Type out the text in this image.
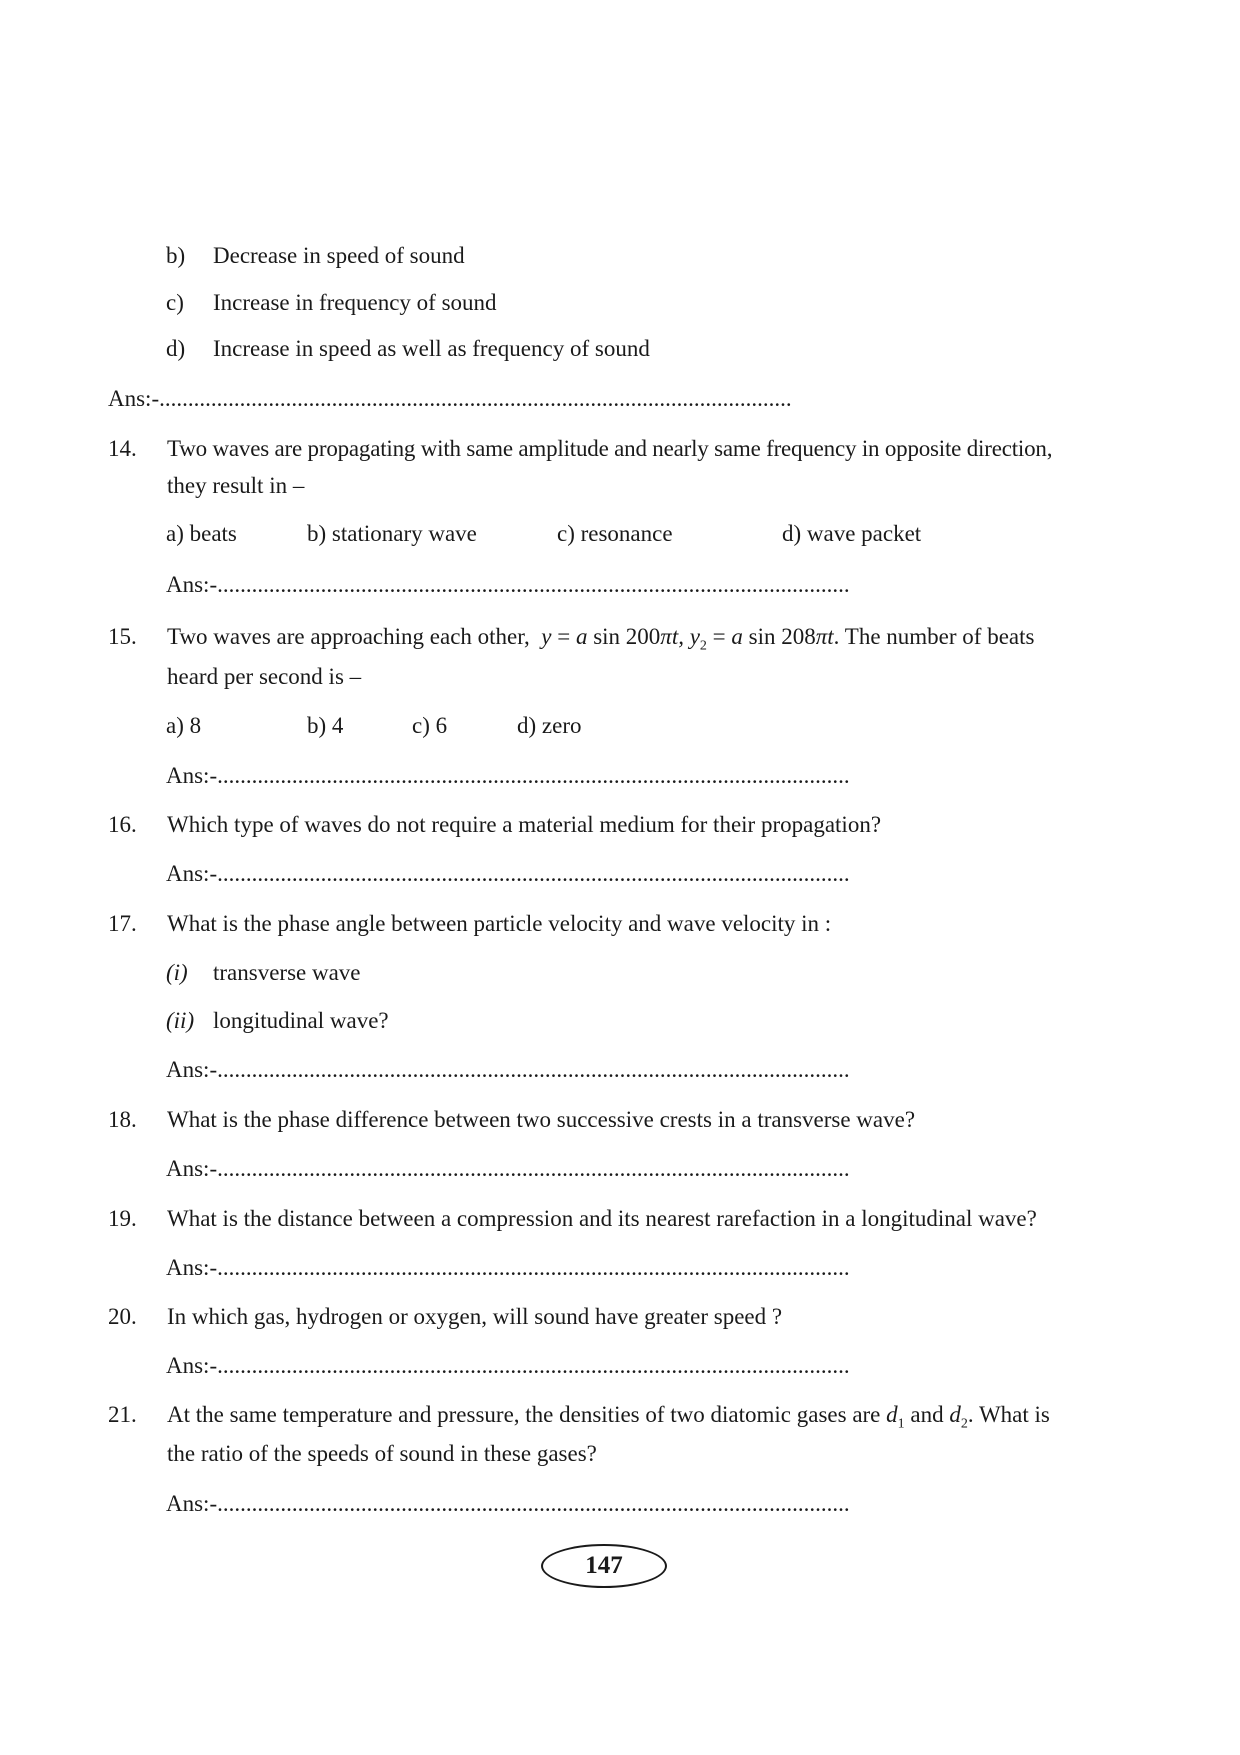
b) Decrease in speed of sound
c) Increase in frequency of sound
d) Increase in speed as well as frequency of sound
Ans:-..............................................................................................................
14. Two waves are propagating with same amplitude and nearly same frequency in opposite direction,
they result in –
a) beats	b) stationary wave	c) resonance	d) wave packet
Ans:-..............................................................................................................
15. Two waves are approaching each other,  y = a sin 200πt, $y_2 = a$ sin 208πt. The number of beats
heard per second is –
a) 8	b) 4	c) 6	d) zero
Ans:-..............................................................................................................
16. Which type of waves do not require a material medium for their propagation?
Ans:-..............................................................................................................
17. What is the phase angle between particle velocity and wave velocity in :
(i) transverse wave
(ii) longitudinal wave?
Ans:-..............................................................................................................
18. What is the phase difference between two successive crests in a transverse wave?
Ans:-..............................................................................................................
19. What is the distance between a compression and its nearest rarefaction in a longitudinal wave?
Ans:-..............................................................................................................
20. In which gas, hydrogen or oxygen, will sound have greater speed ?
Ans:-..............................................................................................................
21. At the same temperature and pressure, the densities of two diatomic gases are $d_1$ and $d_2$. What is
the ratio of the speeds of sound in these gases?
Ans:-..............................................................................................................
147
